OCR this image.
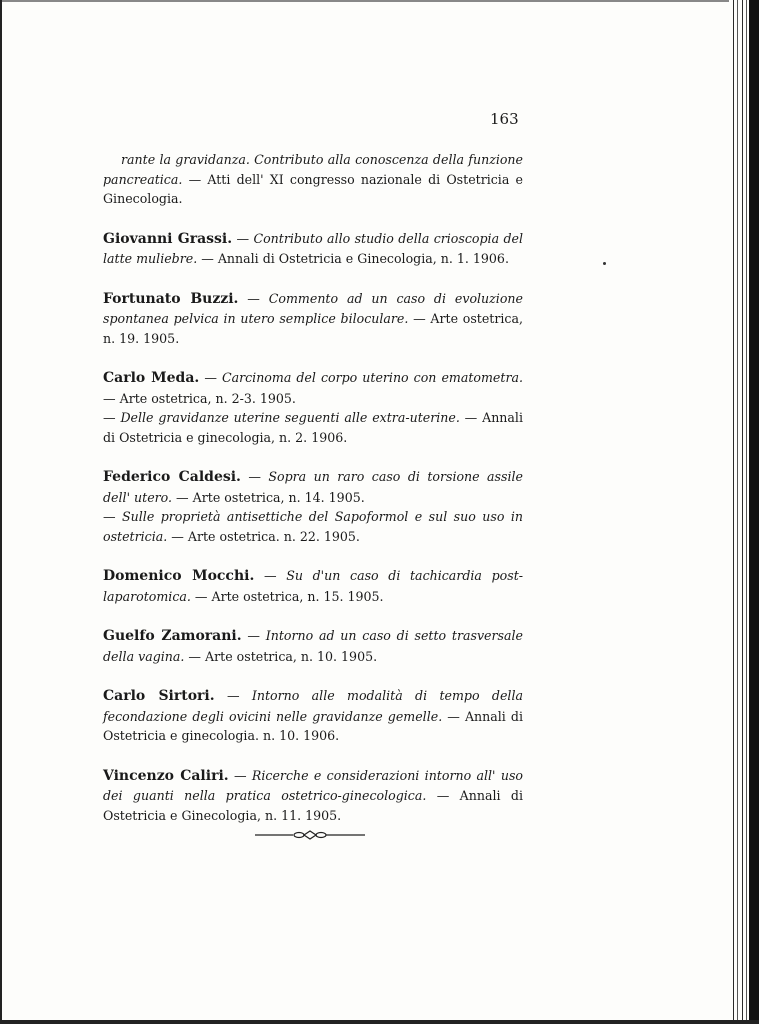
163

rante la gravidanza. Contributo alla conoscenza della funzione pancreatica. — Atti dell' XI congresso nazionale di Ostetricia e Ginecologia.

Giovanni Grassi. — Contributo allo studio della crioscopia del latte muliebre. — Annali di Ostetricia e Ginecologia, n. 1. 1906.

Fortunato Buzzi. — Commento ad un caso di evoluzione spontanea pelvica in utero semplice biloculare. — Arte ostetrica, n. 19. 1905.

Carlo Meda. — Carcinoma del corpo uterino con ematometra. — Arte ostetrica, n. 2-3. 1905.
— Delle gravidanze uterine seguenti alle extra-uterine. — Annali di Ostetricia e ginecologia, n. 2. 1906.

Federico Caldesi. — Sopra un raro caso di torsione assile dell' utero. — Arte ostetrica, n. 14. 1905.
— Sulle proprietà antisettiche del Sapoformol e sul suo uso in ostetricia. — Arte ostetrica. n. 22. 1905.

Domenico Mocchi. — Su d'un caso di tachicardia post-laparotomica. — Arte ostetrica, n. 15. 1905.

Guelfo Zamorani. — Intorno ad un caso di setto trasversale della vagina. — Arte ostetrica, n. 10. 1905.

Carlo Sirtori. — Intorno alle modalità di tempo della fecondazione degli ovicini nelle gravidanze gemelle. — Annali di Ostetricia e ginecologia. n. 10. 1906.

Vincenzo Caliri. — Ricerche e considerazioni intorno all' uso dei guanti nella pratica ostetrico-ginecologica. — Annali di Ostetricia e Ginecologia, n. 11. 1905.
